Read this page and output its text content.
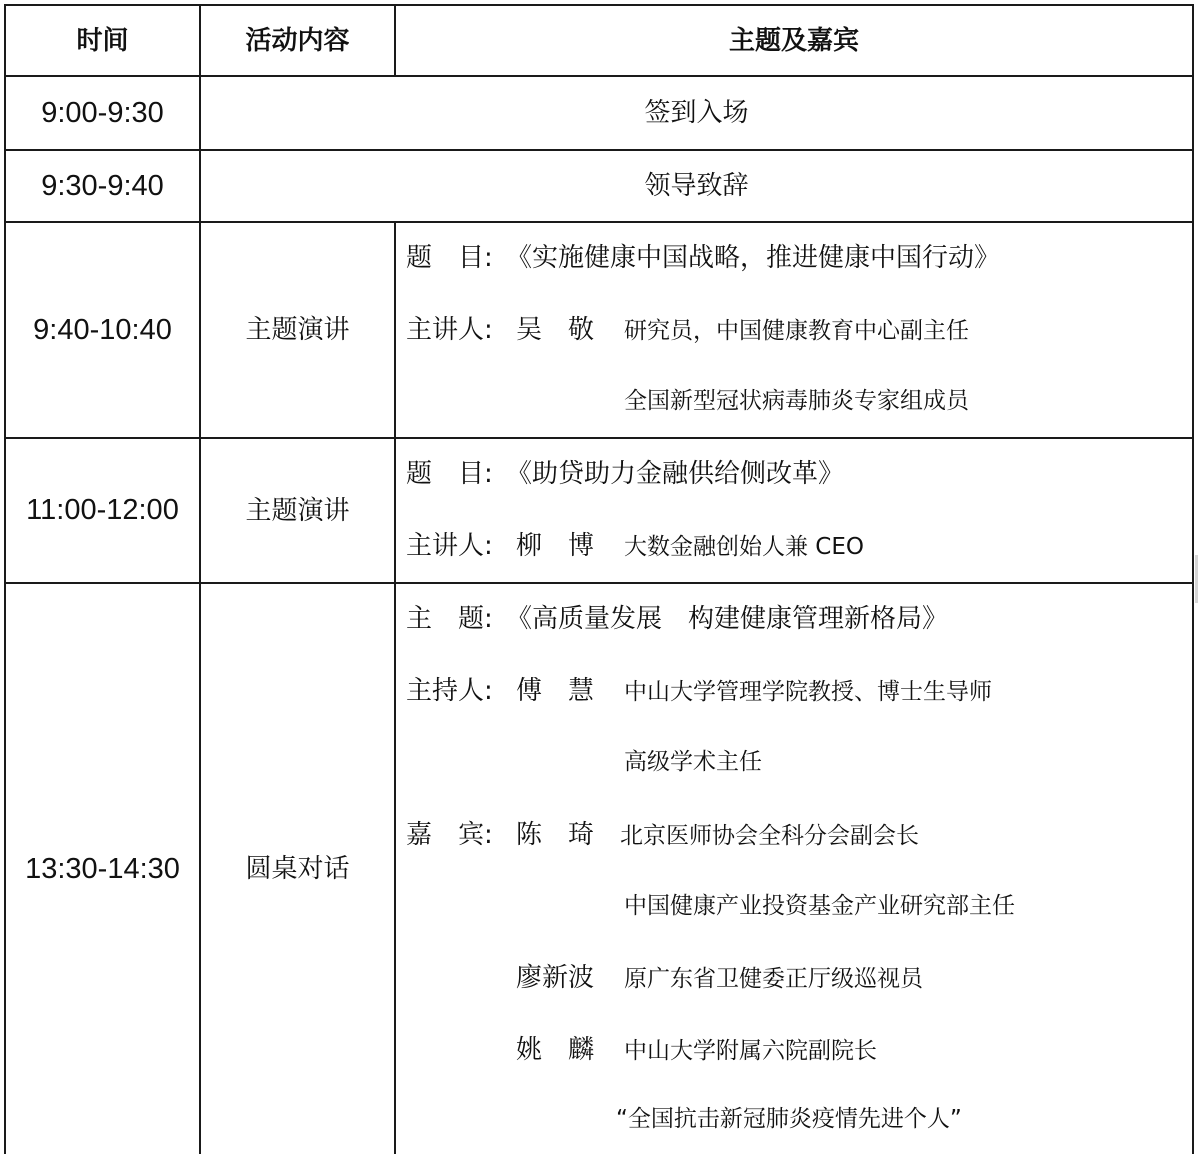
时间	活动内容	主题及嘉宾
9:00-9:30	签到入场
9:30-9:40	领导致辞
9:40-10:40	主题演讲
题　目: 《实施健康中国战略，推进健康中国行动》
主讲人: 吴　敬 研究员，中国健康教育中心副主任
全国新型冠状病毒肺炎专家组成员
11:00-12:00	主题演讲
题　目: 《助贷助力金融供给侧改革》
主讲人: 柳　博 大数金融创始人兼 CEO
13:30-14:30	圆桌对话
主　题: 《高质量发展　构建健康管理新格局》
主持人: 傅　慧 中山大学管理学院教授、博士生导师
高级学术主任
嘉　宾: 陈　琦 北京医师协会全科分会副会长
中国健康产业投资基金产业研究部主任
廖新波 原广东省卫健委正厅级巡视员
姚　麟 中山大学附属六院副院长
“全国抗击新冠肺炎疫情先进个人”
